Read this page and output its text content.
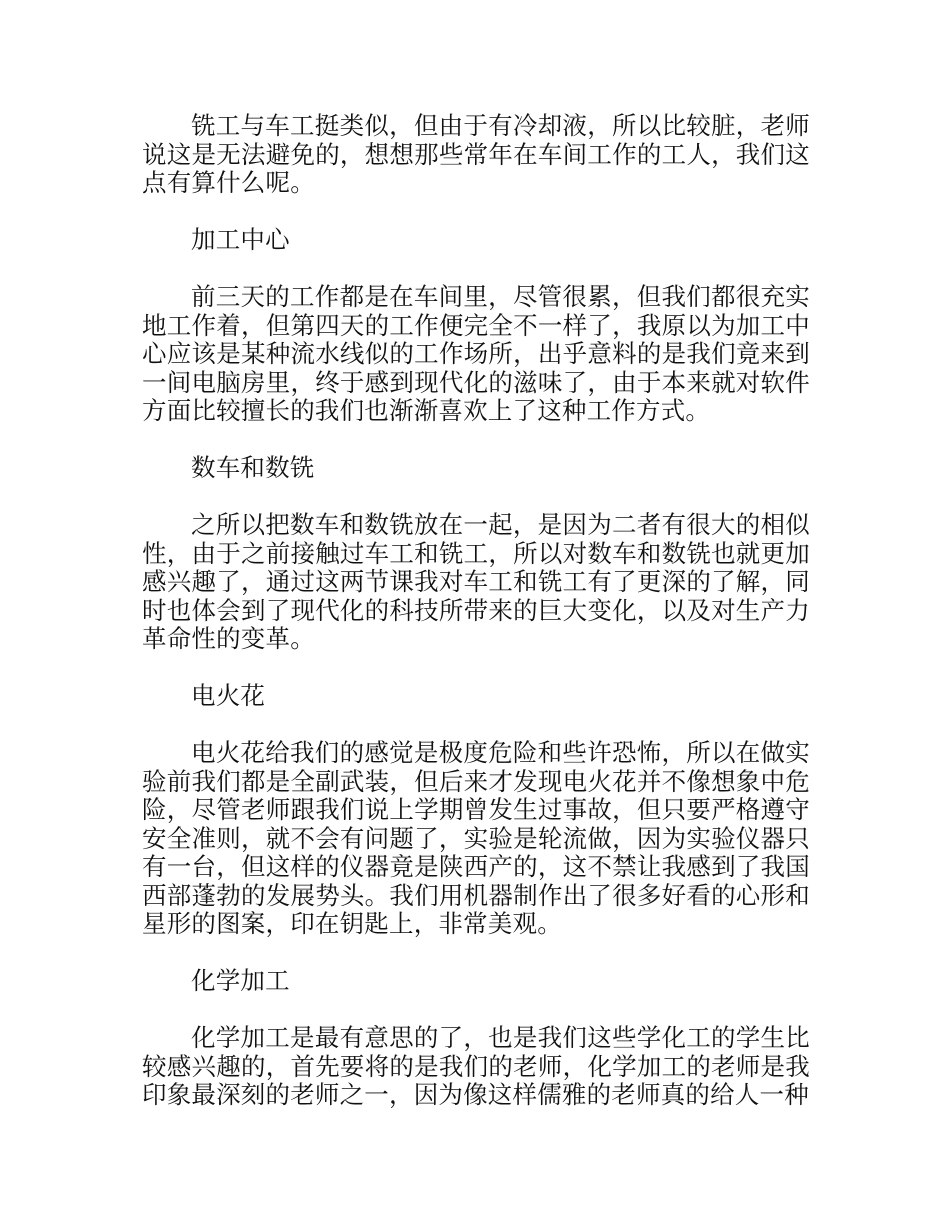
铣工与车工挺类似，但由于有冷却液，所以比较脏，老师说这是无法避免的，想想那些常年在车间工作的工人，我们这点有算什么呢。

加工中心

前三天的工作都是在车间里，尽管很累，但我们都很充实地工作着，但第四天的工作便完全不一样了，我原以为加工中心应该是某种流水线似的工作场所，出乎意料的是我们竟来到一间电脑房里，终于感到现代化的滋味了，由于本来就对软件方面比较擅长的我们也渐渐喜欢上了这种工作方式。

数车和数铣

之所以把数车和数铣放在一起，是因为二者有很大的相似性，由于之前接触过车工和铣工，所以对数车和数铣也就更加感兴趣了，通过这两节课我对车工和铣工有了更深的了解，同时也体会到了现代化的科技所带来的巨大变化，以及对生产力革命性的变革。

电火花

电火花给我们的感觉是极度危险和些许恐怖，所以在做实验前我们都是全副武装，但后来才发现电火花并不像想象中危险，尽管老师跟我们说上学期曾发生过事故，但只要严格遵守安全准则，就不会有问题了，实验是轮流做，因为实验仪器只有一台，但这样的仪器竟是陕西产的，这不禁让我感到了我国西部蓬勃的发展势头。我们用机器制作出了很多好看的心形和星形的图案，印在钥匙上，非常美观。

化学加工

化学加工是最有意思的了，也是我们这些学化工的学生比较感兴趣的，首先要将的是我们的老师，化学加工的老师是我印象最深刻的老师之一，因为像这样儒雅的老师真的给人一种
